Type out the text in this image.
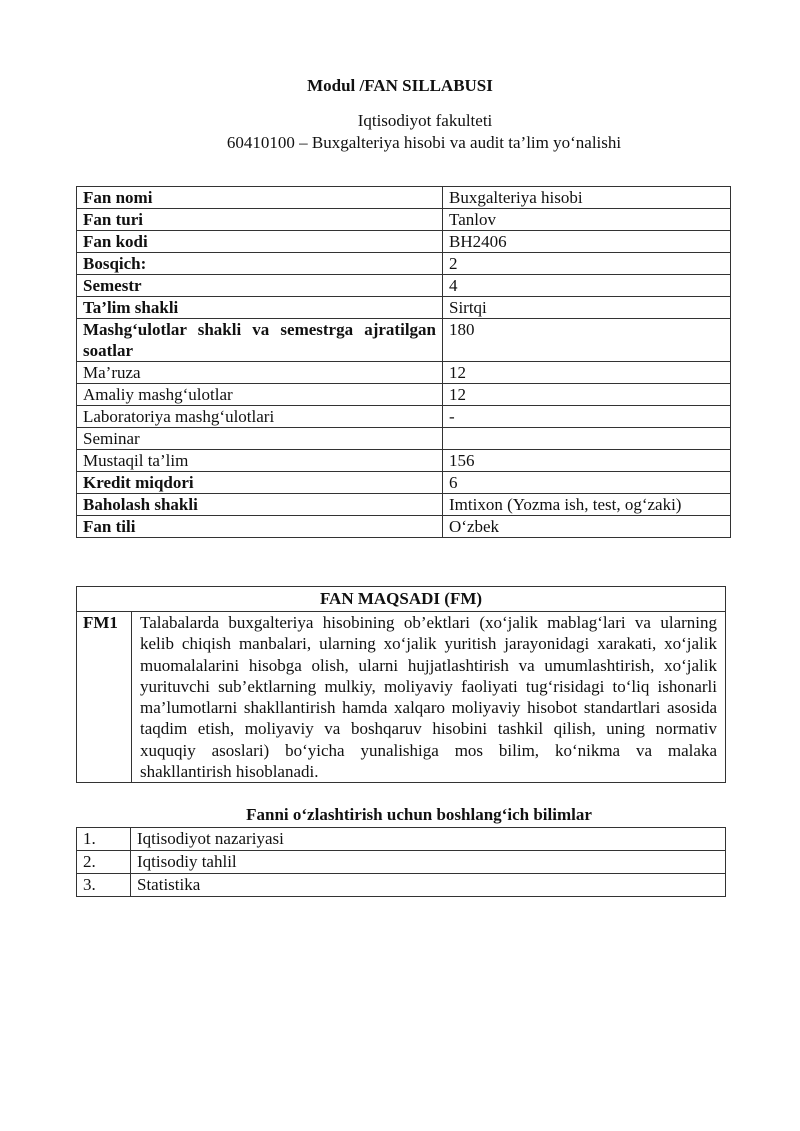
Modul /FAN SILLABUSI
Iqtisodiyot fakulteti
60410100 – Buxgalteriya hisobi va audit ta’lim yo‘nalishi
Fan nomi	Buxgalteriya hisobi
Fan turi	Tanlov
Fan kodi	BH2406
Bosqich:	2
Semestr	4
Ta’lim shakli	Sirtqi
Mashg‘ulotlar shakli va semestrga ajratilgan soatlar	180
Ma’ruza	12
Amaliy mashg‘ulotlar	12
Laboratoriya mashg‘ulotlari	-
Seminar	
Mustaqil ta’lim	156
Kredit miqdori	6
Baholash shakli	Imtixon (Yozma ish, test, og‘zaki)
Fan tili	O‘zbek
FAN MAQSADI (FM)
FM1	Talabalarda buxgalteriya hisobining ob’ektlari (xo‘jalik mablag‘lari va ularning kelib chiqish manbalari, ularning xo‘jalik yuritish jarayonidagi xarakati, xo‘jalik muomalalarini hisobga olish, ularni hujjatlashtirish va umumlashtirish, xo‘jalik yurituvchi sub’ektlarning mulkiy, moliyaviy faoliyati tug‘risidagi to‘liq ishonarli ma’lumotlarni shakllantirish hamda xalqaro moliyaviy hisobot standartlari asosida taqdim etish, moliyaviy va boshqaruv hisobini tashkil qilish, uning normativ xuquqiy asoslari) bo‘yicha yunalishiga mos bilim, ko‘nikma va malaka shakllantirish hisoblanadi.
Fanni o‘zlashtirish uchun boshlang‘ich bilimlar
1.	Iqtisodiyot nazariyasi
2.	Iqtisodiy tahlil
3.	Statistika
